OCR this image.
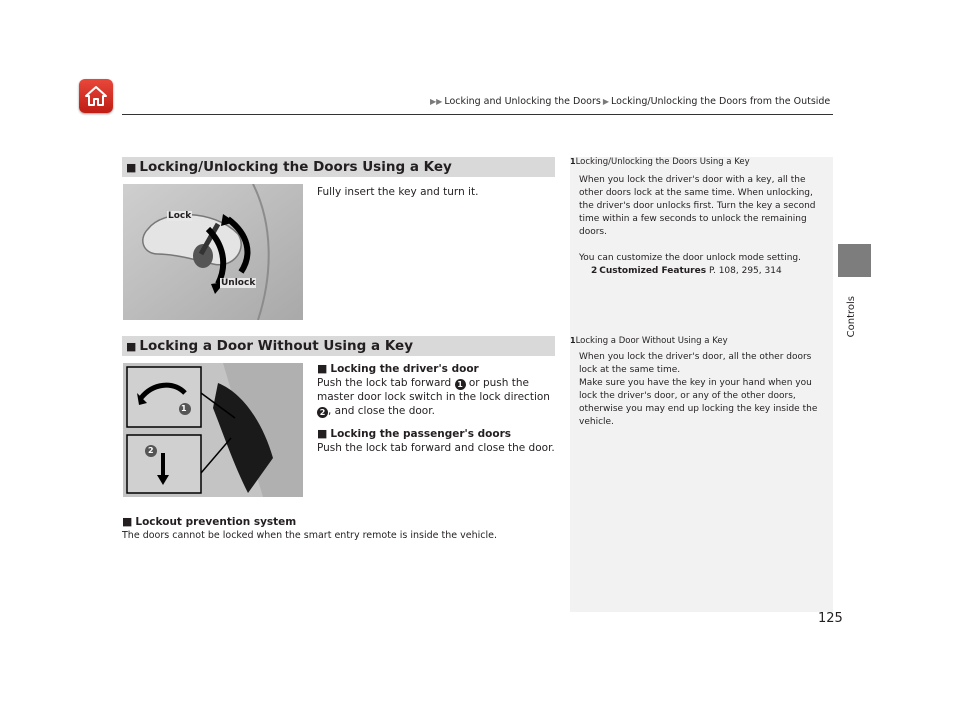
▶▶ Locking and Unlocking the Doors ▶ Locking/Unlocking the Doors from the Outside
Controls
■ Locking/Unlocking the Doors Using a Key
Lock
Unlock
Fully insert the key and turn it.
■ Locking a Door Without Using a Key
1
2
■ Locking the driver's door
Push the lock tab forward 1 or push the master door lock switch in the lock direction 2 , and close the door.
■ Locking the passenger's doors
Push the lock tab forward and close the door.
■ Lockout prevention system
The doors cannot be locked when the smart entry remote is inside the vehicle.
1Locking/Unlocking the Doors Using a Key
When you lock the driver's door with a key, all the other doors lock at the same time. When unlocking, the driver's door unlocks first. Turn the key a second time within a few seconds to unlock the remaining doors.
You can customize the door unlock mode setting.
2 Customized Features P. 108, 295, 314
1Locking a Door Without Using a Key
When you lock the driver's door, all the other doors lock at the same time.
Make sure you have the key in your hand when you lock the driver's door, or any of the other doors, otherwise you may end up locking the key inside the vehicle.
125
